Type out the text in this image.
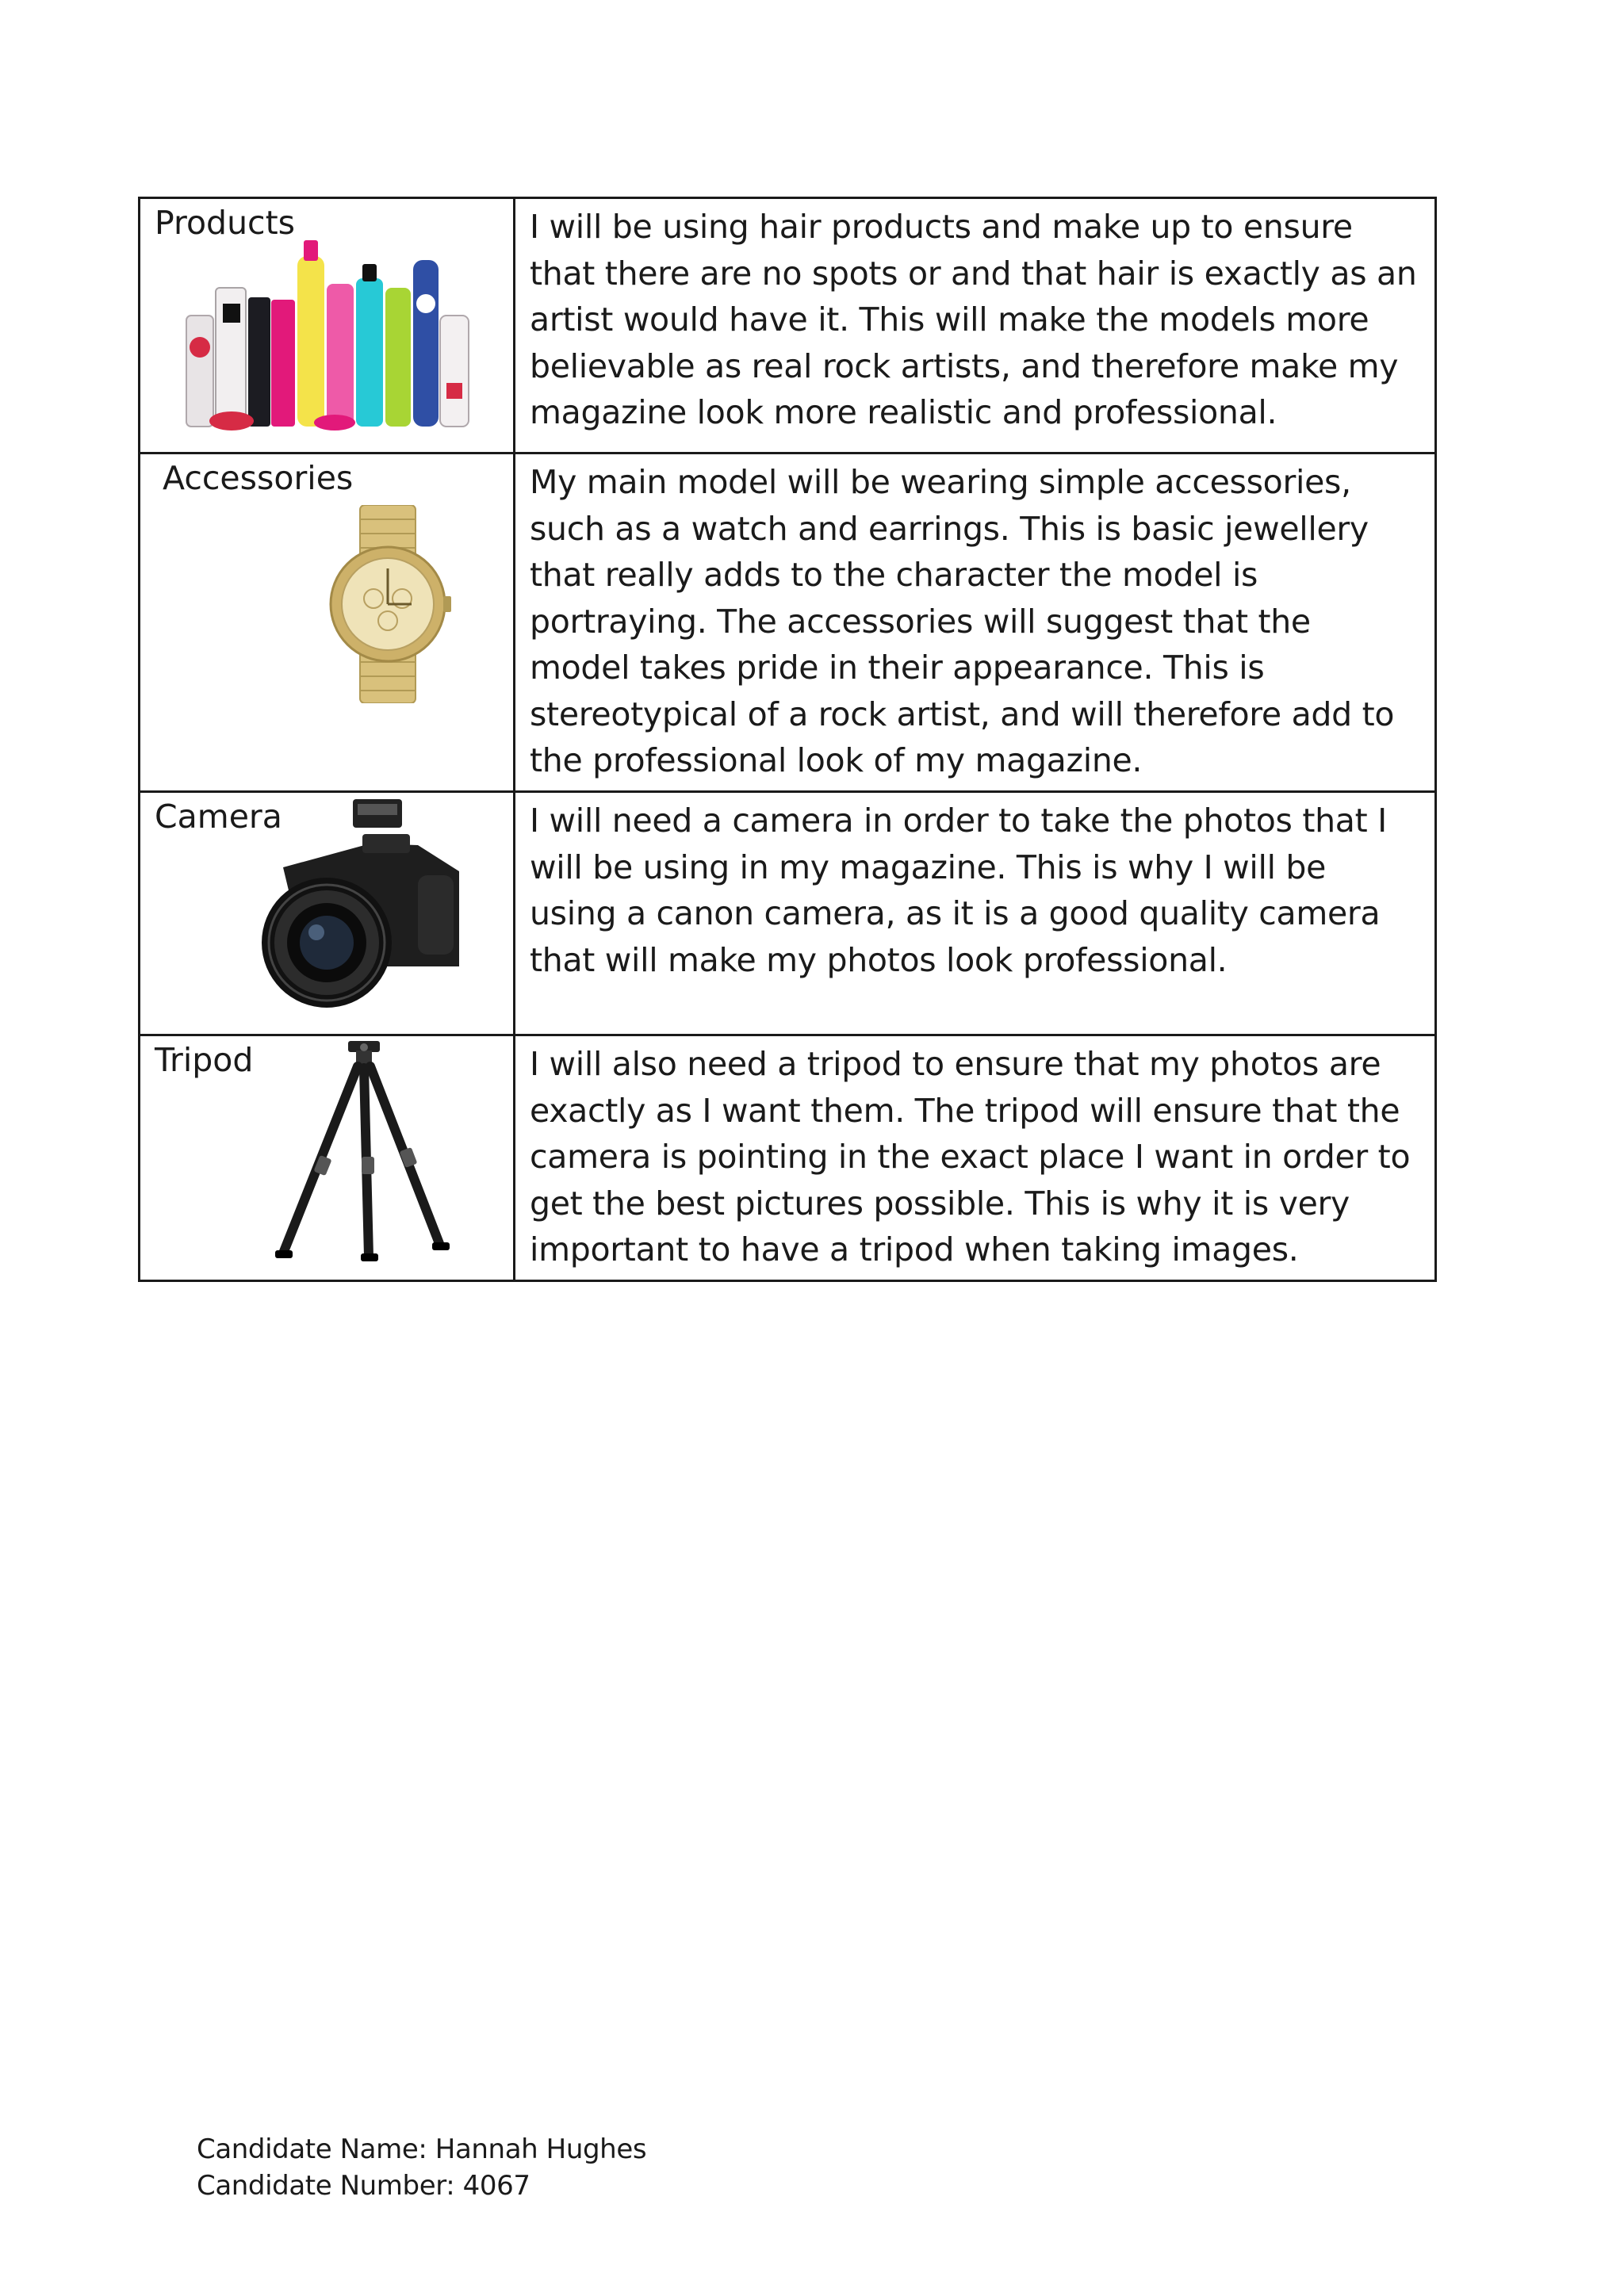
Products	I will be using hair products and make up to ensure that there are no spots or and that hair is exactly as an artist would have it. This will make the models more believable as real rock artists, and therefore make my magazine look more realistic and professional.

Accessories	My main model will be wearing simple accessories, such as a watch and earrings. This is basic jewellery that really adds to the character the model is portraying. The accessories will suggest that the model takes pride in their appearance. This is stereotypical of a rock artist, and will therefore add to the professional look of my magazine.

Camera	I will need a camera in order to take the photos that I will be using in my magazine. This is why I will be using a canon camera, as it is a good quality camera that will make my photos look professional.

Tripod	I will also need a tripod to ensure that my photos are exactly as I want them. The tripod will ensure that the camera is pointing in the exact place I want in order to get the best pictures possible. This is why it is very important to have a tripod when taking images.
Candidate Name: Hannah Hughes
Candidate Number: 4067
